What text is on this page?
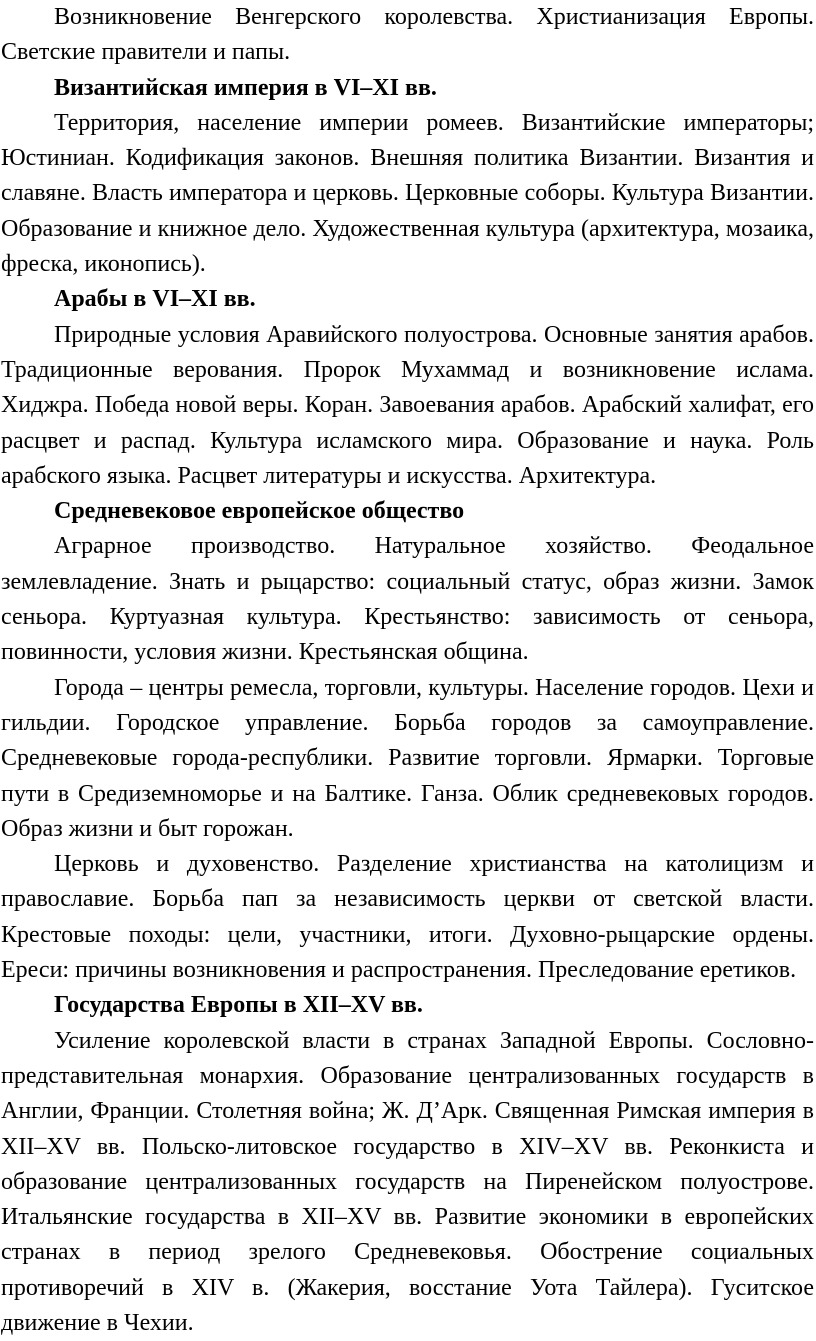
Возникновение Венгерского королевства. Христианизация Европы. Светские правители и папы.

Византийская империя в VI–XI вв.

Территория, население империи ромеев. Византийские императоры; Юстиниан. Кодификация законов. Внешняя политика Византии. Византия и славяне. Власть императора и церковь. Церковные соборы. Культура Византии. Образование и книжное дело. Художественная культура (архитектура, мозаика, фреска, иконопись).

Арабы в VI–XI вв.

Природные условия Аравийского полуострова. Основные занятия арабов. Традиционные верования. Пророк Мухаммад и возникновение ислама. Хиджра. Победа новой веры. Коран. Завоевания арабов. Арабский халифат, его расцвет и распад. Культура исламского мира. Образование и наука. Роль арабского языка. Расцвет литературы и искусства. Архитектура.

Средневековое европейское общество

Аграрное производство. Натуральное хозяйство. Феодальное землевладение. Знать и рыцарство: социальный статус, образ жизни. Замок сеньора. Куртуазная культура. Крестьянство: зависимость от сеньора, повинности, условия жизни. Крестьянская община.

Города – центры ремесла, торговли, культуры. Население городов. Цехи и гильдии. Городское управление. Борьба городов за самоуправление. Средневековые города-республики. Развитие торговли. Ярмарки. Торговые пути в Средиземноморье и на Балтике. Ганза. Облик средневековых городов. Образ жизни и быт горожан.

Церковь и духовенство. Разделение христианства на католицизм и православие. Борьба пап за независимость церкви от светской власти. Крестовые походы: цели, участники, итоги. Духовно-рыцарские ордены. Ереси: причины возникновения и распространения. Преследование еретиков.

Государства Европы в XII–XV вв.

Усиление королевской власти в странах Западной Европы. Сословно-представительная монархия. Образование централизованных государств в Англии, Франции. Столетняя война; Ж. Д’Арк. Священная Римская империя в XII–XV вв. Польско-литовское государство в XIV–XV вв. Реконкиста и образование централизованных государств на Пиренейском полуострове. Итальянские государства в XII–XV вв. Развитие экономики в европейских странах в период зрелого Средневековья. Обострение социальных противоречий в XIV в. (Жакерия, восстание Уота Тайлера). Гуситское движение в Чехии.
